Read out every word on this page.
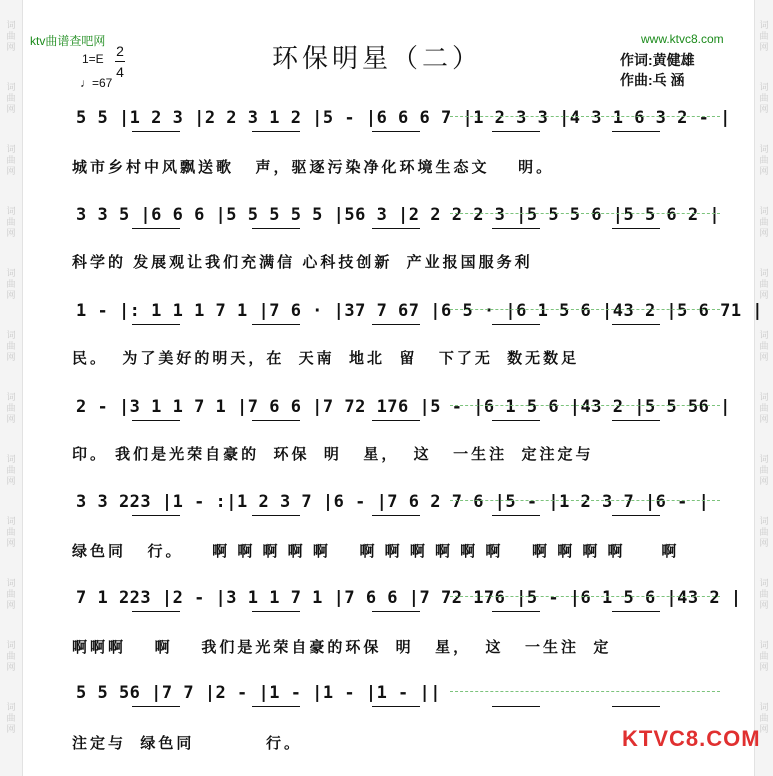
词
曲
网
词
曲
网
词
曲
网
词
曲
网
词
曲
网
词
曲
网
词
曲
网
词
曲
网
词
曲
网
词
曲
网
词
曲
网
词
曲
网
词
曲
网
词
曲
网
词
曲
网
词
曲
网
词
曲
网
词
曲
网
词
曲
网
词
曲
网
词
曲
网
词
曲
网
词
曲
网
词
曲
网
ktv曲谱查吧网	www.ktvc8.com
环保明星（二）
1=E 2
4
♩=67
作词:黄健雄
作曲:乓 涵
5 5 |1 2 3 |2 2 3 1 2 |5 - |6 6 6 7 |1 2 3 3 |4 3 1 6 3 2 - |
城市乡村中风飘送歌   声，驱逐污染净化环境生态文    明。
3 3 5 |6 6 6 |5 5 5 5 5 |56 3 |2 2 2 2 3 |5 5 5 6 |5 5 6 2 |
科学的 发展观让我们充满信 心科技创新  产业报国服务利
1 - |: 1 1 1 7 1 |7 6 · |37 7 67 |6 5 · |6 1 5 6 |43 2 |5 6 71 |
民。  为了美好的明天，在  天南  地北  留   下了无  数无数足
2 - |3 1 1 7 1 |7 6 6 |7 72 176 |5 - |6 1 5 6 |43 2 |5 5 56 |
印。 我们是光荣自豪的  环保  明   星，  这   一生注  定注定与
3 3 223 |1 - :|1 2 3 7 |6 - |7 6 2 7 6 |5 - |1 2 3 7 |6 - |
绿色同   行。    啊 啊 啊 啊 啊    啊 啊 啊 啊 啊 啊    啊 啊 啊 啊     啊
7 1 223 |2 - |3 1 1 7 1 |7 6 6 |7 72 176 |5 - |6 1 5 6 |43 2 |
啊啊啊    啊    我们是光荣自豪的环保  明   星，  这   一生注  定
5 5 56 |7 7 |2 - |1 - |1 - |1 - ||
注定与  绿色同          行。	KTVC8.COM
